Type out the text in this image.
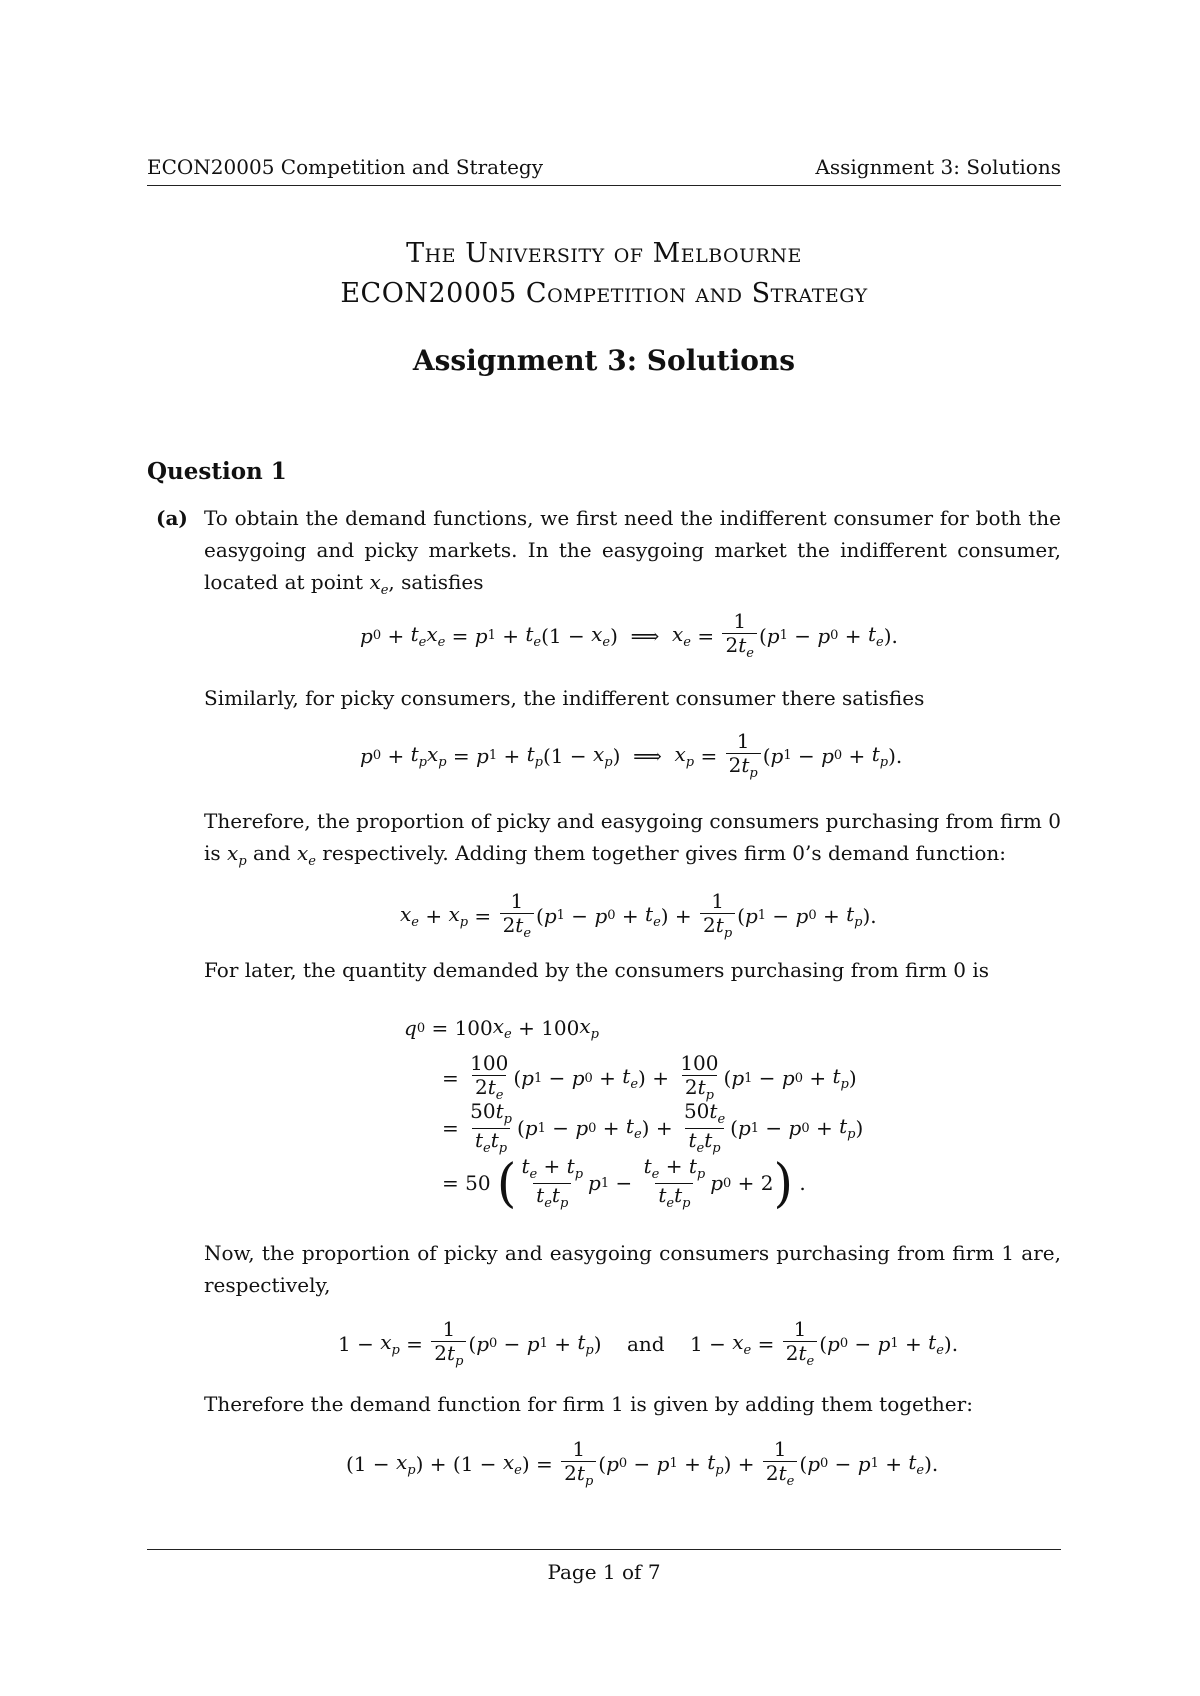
ECON20005 Competition and Strategy	Assignment 3: Solutions
The University of Melbourne
ECON20005 Competition and Strategy
Assignment 3: Solutions
Question 1
(a) To obtain the demand functions, we first need the indifferent consumer for both the easygoing and picky markets. In the easygoing market the indifferent consumer, located at point $x_e$, satisfies
p $0 + t_ex_e = p$ $1 + t_e$ ($1 - x_e$ )  ⟹ $x_e = \frac{1}{2t_e}$ ( p 1 − p $0 + t_e$ ).
Similarly, for picky consumers, the indifferent consumer there satisfies
p $0 + t_px_p = p$ $1 + t_p$ ($1 - x_p$ )  ⟹ $x_p = \frac{1}{2t_p}$ ( p 1 − p $0 + t_p$ ).
Therefore, the proportion of picky and easygoing consumers purchasing from firm 0 is $x_p$ and $x_e$ respectively. Adding them together gives firm 0’s demand function:
$x_e + x_p = \frac{1}{2t_e}$ ( p 1 − p $0 + t_e$ ) + $\frac{1}{2t_p}$ ( p 1 − p $0 + t_p$ ).
For later, the quantity demanded by the consumers purchasing from firm 0 is
q 0 = 100 $x_e + 100$ $x_p$
= $\frac{100}{2t_e}$ ( p 1 − p $0 + t_e$ ) + $\frac{100}{2t_p}$ ( p 1 − p $0 + t_p$ )
= $\frac{50t_p}{t_et_p}$ ( p 1 − p $0 + t_e$ ) + $\frac{50t_e}{t_et_p}$ ( p 1 − p $0 + t_p$ )
= 50 ( $\frac{t_e + t_p}{t_et_p}$ p $1 - \frac{t_e + t_p}{t_et_p}$ p 0 + 2 ) .
Now, the proportion of picky and easygoing consumers purchasing from firm 1 are, respectively,
$1 - x_p = \frac{1}{2t_p}$ ( p 0 − p $1 + t_p$ ) and $1 - x_e = \frac{1}{2t_e}$ ( p 0 − p $1 + t_e$ ).
Therefore the demand function for firm 1 is given by adding them together:
($1 - x_p$ ) + ($1 - x_e$ ) = $\frac{1}{2t_p}$ ( p 0 − p $1 + t_p$ ) + $\frac{1}{2t_e}$ ( p 0 − p $1 + t_e$ ).
Page 1 of 7
